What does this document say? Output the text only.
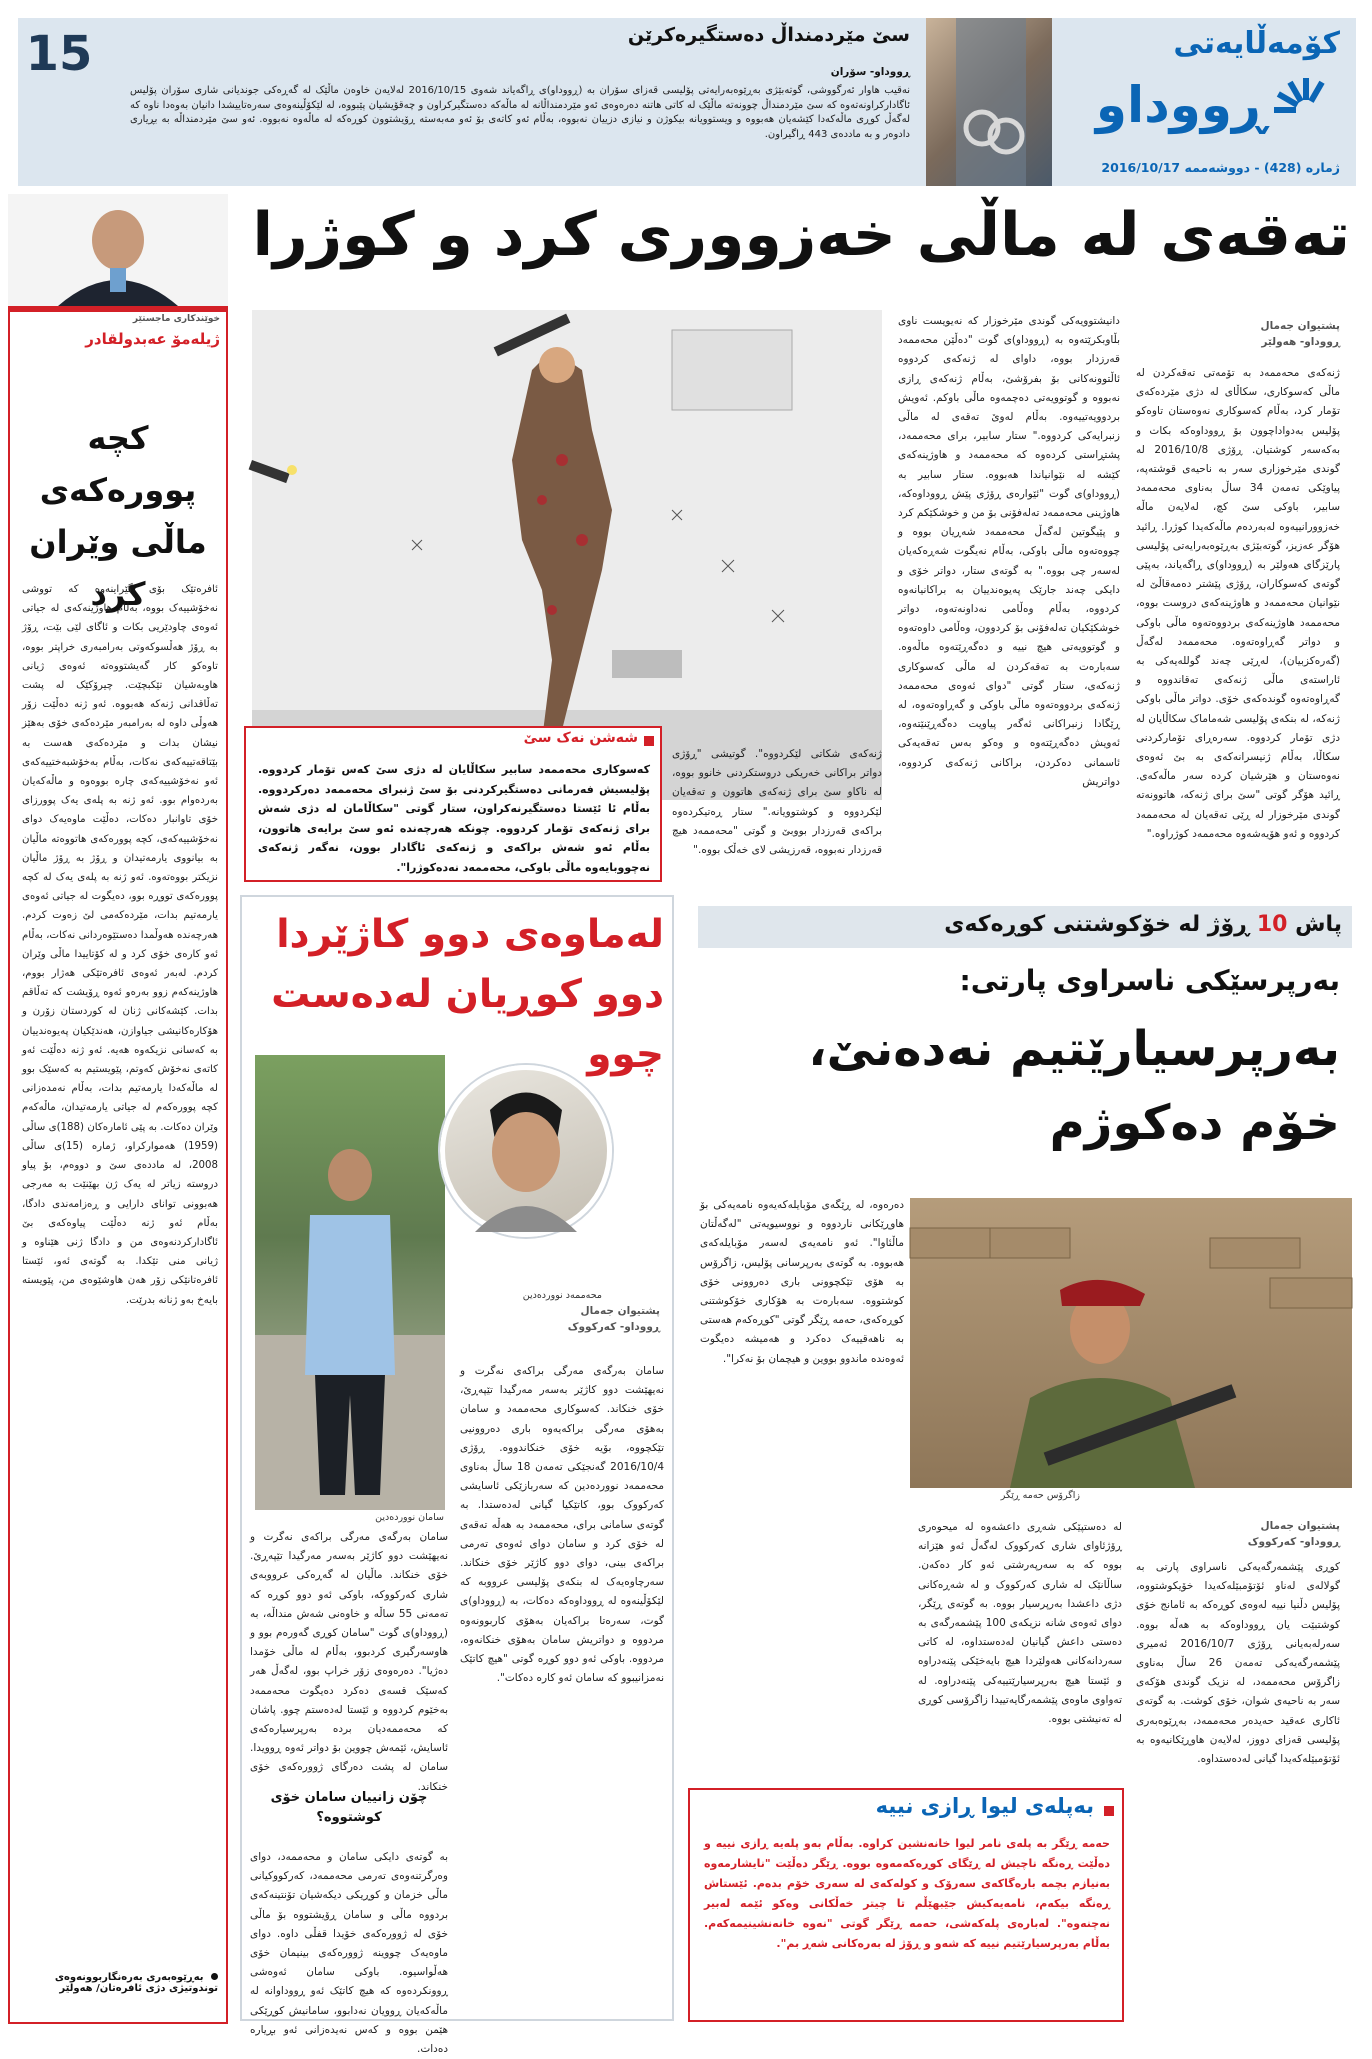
15	کۆمەڵایەتی
ڕووداو
ژمارە (428) - دووشەممە 2016/10/17
سێ مێردمنداڵ دەستگیرەکرێن
ڕووداو- سۆران
نەقیب هاوار ئەرگووشی، گوتەبێژی بەڕێوەبەرایەتی پۆلیسی قەزای سۆران بە (ڕووداو)ی ڕاگەیاند شەوی 2016/10/15 لەلایەن خاوەن ماڵێک لە گەڕەکی جوندیانی شاری سۆران پۆلیس ئاگادارکراونەتەوە کە سێ مێردمنداڵ چوونەتە ماڵێک لە کاتی هاتنە دەرەوەی ئەو مێردمنداڵانە لە ماڵەکە دەستگیرکراون و چەقۆیشیان پێبووە، لە لێکۆڵینەوەی سەرەتاییشدا دانیان بەوەدا ناوە کە لەگەڵ کوڕی ماڵەکەدا کێشەیان هەبووە و ویستوویانە بیکوژن و نیازی دزییان نەبووە، بەڵام ئەو کاتەی بۆ ئەو مەبەستە ڕۆیشتوون کوڕەکە لە ماڵەوە نەبووە. ئەو سێ مێردمنداڵە بە بڕیاری دادوەر و بە ماددەی 443 ڕاگیراون.
تەقەی لە ماڵی خەزووری کرد و کوژرا
پشتیوان جەمال
ڕووداو- هەولێر
ژنەکەی محەممەد بە تۆمەتی تەقەکردن لە ماڵی کەسوکاری، سکاڵای لە دژی مێردەکەی تۆمار کرد، بەڵام کەسوکاری نەوەستان تاوەکو پۆلیس بەدواداچوون بۆ ڕووداوەکە بکات و بەکەسەر کوشتیان. ڕۆژی 2016/10/8 لە گوندی مێرخوزاری سەر بە ناحیەی قوشتەپە، پیاوێکی تەمەن 34 ساڵ بەناوی محەممەد سابیر، باوکی سێ کچ، لەلایەن ماڵە خەزوورانییەوە لەبەردەم ماڵەکەیدا کوژرا. ڕائید هۆگر عەزیز، گوتەبێژی بەڕێوەبەرایەتی پۆلیسی پارێزگای هەولێر بە (ڕووداو)ی ڕاگەیاند، بەپێی گوتەی کەسوکاران، ڕۆژی پێشتر دەمەقاڵێ لە نێوانیان محەممەد و هاوژینەکەی دروست بووە، محەممەد هاوژینەکەی بردووەتەوە ماڵی باوکی و دواتر گەڕاوەتەوە. محەممەد لەگەڵ (گەرەکزبیان)، لەڕێی چەند گوللەیەکی بە ئاراستەی ماڵی ژنەکەی تەقاندووە و گەڕاوەتەوە گوندەکەی خۆی. دواتر ماڵی باوکی ژنەکە، لە بنکەی پۆلیسی شەماماک سکاڵایان لە دژی تۆمار کردووە. سەرەڕای تۆمارکردنی سکاڵا، بەڵام ژنیسرانەکەی بە بێ ئەوەی نەوەستان و هێرشیان کردە سەر ماڵەکەی. ڕائید هۆگر گوتی "سێ برای ژنەکە، هاتوونەتە گوندی مێرخوزار لە ڕێی تەقەیان لە محەممەد کردووە و ئەو هۆیەشەوە محەممەد کوژراوە."
دانیشتوویەکی گوندی مێرخوزار کە نەیویست ناوی بڵاوبکرێتەوە بە (ڕووداو)ی گوت "دەڵێن محەممەد قەرزدار بووە، داوای لە ژنەکەی کردووە ئاڵتوونەکانی بۆ بفرۆشێ، بەڵام ژنەکەی ڕازی نەبووە و گوتوویەتی دەچمەوە ماڵی باوکم. ئەویش بردوویەتییەوە. بەڵام لەوێ تەقەی لە ماڵی زنبرایەکی کردووە." ستار سابیر، برای محەممەد، پشتڕاستی کردەوە کە محەممەد و هاوژینەکەی کێشە لە نێوانیاندا هەبووە. ستار سابیر بە (ڕووداو)ی گوت "ئێوارەی ڕۆژی پێش ڕووداوەکە، هاوژینی محەممەد تەلەفۆنی بۆ من و خوشکێکم کرد و پێیگوتین لەگەڵ محەممەد شەڕیان بووە و چووەتەوە ماڵی باوکی، بەڵام نەیگوت شەڕەکەیان لەسەر چی بووە." بە گوتەی ستار، دواتر خۆی و دایکی چەند جارێک پەیوەندییان بە براکانیانەوە کردووە، بەڵام وەڵامی نەداونەتەوە، دواتر خوشکێکیان تەلەفۆنی بۆ کردوون، وەڵامی داوەتەوە و گوتوویەتی هیچ نییە و دەگەڕێتەوە ماڵەوە. سەبارەت بە تەقەکردن لە ماڵی کەسوکاری ژنەکەی، ستار گوتی "دوای ئەوەی محەممەد ژنەکەی بردووەتەوە ماڵی باوکی و گەڕاوەتەوە، لە ڕێگادا زنبراکانی ئەگەر پیاویت دەگەڕێنێتەوە، ئەویش دەگەڕێتەوە و وەکو بەس تەقەیەکی ئاسمانی دەکردن، براکانی ژنەکەی کردووە، دواتریش
ژنەکەی شکاتی لێکردووە". گوتیشی "ڕۆژی دواتر براکانی خەریکی دروستکردنی خانوو بووە، لە ناکاو سێ برای ژنەکەی هاتوون و تەقەیان لێکردووە و کوشتوویانە." ستار ڕەتیکردەوە براکەی قەرزدار بووبێ و گوتی "محەممەد هیچ قەرزدار نەبووە، قەرزیشی لای خەڵک بووە."
شەشن نەک سێ
کەسوکاری محەممەد سابیر سکاڵایان لە دژی سێ کەس تۆمار کردووە. پۆلیسیش فەرمانی دەستگیرکردنی بۆ سێ ژنبرای محەممەد دەرکردووە. بەڵام ئا ئێستا دەستگیرنەکراون، ستار گوتی "سکاڵامان لە دژی شەش برای ژنەکەی تۆمار کردووە. چونکە هەرچەندە ئەو سێ برایەی هاتوون، بەڵام ئەو شەش براکەی و ژنەکەی ئاگادار بوون، نەگەر ژنەکەی نەچووبایەوە ماڵی باوکی، محەممەد نەدەکوژرا".
خوێندکاری ماجستێر
ژیلەمۆ عەبدولقادر
کچە پوورەکەی ماڵی وێران کرد
ئافرەتێک بۆی گێراینەوە کە تووشی نەخۆشییەک بووە، بەڵام هاوژینەکەی لە جیاتی ئەوەی چاودێریی بکات و ئاگای لێی بێت، ڕۆژ بە ڕۆژ هەڵسوکەوتی بەرامبەری خراپتر بووە، تاوەکو کار گەیشتووەتە ئەوەی ژیانی هاوبەشیان تێکبچێت. چیرۆکێک لە پشت تەڵاقدانی ژنەکە هەبووە. ئەو ژنە دەڵێت زۆر هەوڵی داوە لە بەرامبەر مێردەکەی خۆی بەهێز نیشان بدات و مێردەکەی هەست بە بێتاقەتییەکەی نەکات، بەڵام بەخۆشبەختییەکەی ئەو نەخۆشییەکەی چارە بووەوە و ماڵەکەیان بەردەوام بوو. ئەو ژنە بە پلەی یەک پوورزای خۆی تاوانبار دەکات، دەڵێت ماوەیەک دوای نەخۆشییەکەی، کچە پوورەکەی هاتووەتە ماڵیان بە بیانووی یارمەتیدان و ڕۆژ بە ڕۆژ ماڵیان نزیکتر بووەتەوە. ئەو ژنە بە پلەی یەک لە کچە پوورەکەی تووڕە بوو، دەیگوت لە جیاتی ئەوەی یارمەتیم بدات، مێردەکەمی لێ زەوت کردم. هەرچەندە هەوڵمدا دەستێوەردانی نەکات، بەڵام ئەو کارەی خۆی کرد و لە کۆتاییدا ماڵی وێران کردم. لەبەر ئەوەی ئافرەتێکی هەژار بووم، هاوژینەکەم زوو بەرەو ئەوە ڕۆیشت کە تەڵاقم بدات. کێشەکانی ژنان لە کوردستان زۆرن و هۆکارەکانیشی جیاوازن، هەندێکیان پەیوەندییان بە کەسانی نزیکەوە هەیە. ئەو ژنە دەڵێت ئەو کاتەی نەخۆش کەوتم، پێویستیم بە کەسێک بوو لە ماڵەکەدا یارمەتیم بدات، بەڵام نەمدەزانی کچە پوورەکەم لە جیاتی یارمەتیدان، ماڵەکەم وێران دەکات. بە پێی ئامارەکان (188)ی ساڵی (1959) هەموارکراو، ژمارە (15)ی ساڵی 2008، لە ماددەی سێ و دووەم، بۆ پیاو دروستە زیاتر لە یەک ژن بهێنێت بە مەرجی هەبوونی توانای دارایی و ڕەزامەندی دادگا، بەڵام ئەو ژنە دەڵێت پیاوەکەی بێ ئاگادارکردنەوەی من و دادگا ژنی هێناوە و ژیانی منی تێکدا. بە گوتەی ئەو، ئێستا ئافرەتانێکی زۆر هەن هاوشێوەی من، پێویستە بایەخ بەو ژنانە بدرێت.
بەڕێوەبەری بەرەنگاربوونەوەی توندوتیژی دژی ئافرەتان/ هەولێر
لەماوەی دوو کاژێردا دوو کوڕیان لەدەست چوو
سامان نووردەدین
محەممەد نووردەدین
پشتیوان جەمال
ڕووداو- کەرکووک
سامان بەرگەی مەرگی براکەی نەگرت و نەیهێشت دوو کاژێر بەسەر مەرگیدا تێپەڕێ، خۆی خنکاند. کەسوکاری محەممەد و سامان بەهۆی مەرگی براکەیەوە باری دەروونیی تێکچووە، بۆیە خۆی خنکاندووە. ڕۆژی 2016/10/4 گەنجێکی تەمەن 18 ساڵ بەناوی محەممەد نووردەدین کە سەربازێکی ئاسایشی کەرکووک بوو، کاتێکیا گیانی لەدەستدا. بە گوتەی سامانی برای، محەممەد بە هەڵە تەقەی لە خۆی کرد و سامان دوای ئەوەی تەرمی براکەی بینی، دوای دوو کاژێر خۆی خنکاند. سەرچاوەیەک لە بنکەی پۆلیسی عرووبە کە لێکۆڵینەوە لە ڕووداوەکە دەکات، بە (ڕووداو)ی گوت، سەرەتا براکەیان بەهۆی کاربوونەوە مردووە و دواتریش سامان بەهۆی خنکانەوە، مردووە. باوکی ئەو دوو کوڕە گوتی "هیچ کاتێک نەمزانیبوو کە سامان ئەو کارە دەکات".
سامان بەرگەی مەرگی براکەی نەگرت و نەیهێشت دوو کاژێر بەسەر مەرگیدا تێپەڕێ. خۆی خنکاند. ماڵیان لە گەڕەکی عرووبەی شاری کەرکووکە، باوکی ئەو دوو کوڕە کە تەمەنی 55 ساڵە و خاوەنی شەش منداڵە، بە (ڕووداو)ی گوت "سامان کوڕی گەورەم بوو و هاوسەرگیری کردبوو، بەڵام لە ماڵی خۆمدا دەژیا". دەرەوەی زۆر خراپ بوو، لەگەڵ هەر کەسێک قسەی دەکرد دەیگوت محەممەد بەخێوم کردووە و ئێستا لەدەستم چوو. پاشان کە محەممەدیان بردە بەرپرسیارەکەی ئاسایش، ئێمەش چووین بۆ دواتر ئەوە ڕوویدا. سامان لە پشت دەرگای ژوورەکەی خۆی خنکاند.
چۆن زانییان سامان خۆی کوشتووە؟
بە گوتەی دایکی سامان و محەممەد، دوای وەرگرتنەوەی تەرمی محەممەد، کەرکووکیانی ماڵی خزمان و کوڕیکی دیکەشیان تۆنتینەکەی بردووە ماڵی و سامان ڕۆیشتووە بۆ ماڵی خۆی لە ژوورەکەی خۆیدا قفڵی داوە. دوای ماوەیەک چووینە ژوورەکەی بینیمان خۆی هەڵواسیوە. باوکی سامان ئەوەشی ڕوونکردەوە کە هیچ کاتێک ئەو ڕووداوانە لە ماڵەکەیان ڕوویان نەدابوو، سامانیش کوڕێکی هێمن بووە و کەس نەیدەزانی ئەو بڕیارە دەدات.
پاش 10 ڕۆژ لە خۆکوشتنی کوڕەکەی
بەرپرسێکی ناسراوی پارتی:
بەرپرسیارێتیم نەدەنێ، خۆم دەکوژم
زاگرۆس حەمە ڕێگر
دەرەوە، لە ڕێگەی مۆبایلەکەیەوە نامەیەکی بۆ هاوڕێکانی ناردووە و نووسیویەتی "لەگەڵتان ماڵئاوا". ئەو نامەیەی لەسەر مۆبایلەکەی هەبووە. بە گوتەی بەرپرسانی پۆلیس، زاگرۆس بە هۆی تێکچوونی باری دەروونی خۆی کوشتووە. سەبارەت بە هۆکاری خۆکوشتنی کوڕەکەی، حەمە ڕێگر گوتی "کوڕەکەم هەستی بە ناهەقییەک دەکرد و هەمیشە دەیگوت ئەوەندە ماندوو بووین و هیچمان بۆ نەکرا".
پشتیوان جەمال
ڕووداو- کەرکووک
کوڕی پێشمەرگەیەکی ناسراوی پارتی بە گولالەی لەناو ئۆتۆمبێلەکەیدا خۆیکوشتووە، پۆلیس دڵنیا نییە لەوەی کوڕەکە بە ئامانج خۆی کوشتبێت یان ڕووداوەکە بە هەڵە بووە. سەرلەبەیانی ڕۆژی 2016/10/7 ئەمیری پێشمەرگەیەکی تەمەن 26 ساڵ بەناوی زاگرۆس محەممەد، لە نزیک گوندی هۆکەی سەر بە ناحیەی شوان، خۆی کوشت. بە گوتەی ئاکاری عەقید حەیدەر محەممەد، بەڕێوەبەری پۆلیسی قەزای دووز، لەلایەن هاوڕێکانیەوە بە ئۆتۆمبێلەکەیدا گیانی لەدەستداوە.
لە دەستپێکی شەڕی داعشەوە لە میحوەری ڕۆژئاوای شاری کەرکووک لەگەڵ ئەو هێزانە بووە کە بە سەرپەرشتی ئەو کار دەکەن. ساڵانێک لە شاری کەرکووک و لە شەڕەکانی دژی داعشدا بەرپرسیار بووە. بە گوتەی ڕێگر، دوای ئەوەی شانە نزیکەی 100 پێشمەرگەی بە دەستی داعش گیانیان لەدەستداوە، لە کاتی سەردانەکانی هەولێردا هیچ بایەخێکی پێنەدراوە و ئێستا هیچ بەرپرسیارێتییەکی پێنەدراوە. لە تەواوی ماوەی پێشمەرگایەتییدا زاگرۆسی کوڕی لە تەنیشتی بووە.
بەپلەی لیوا ڕازی نییە
حەمە ڕێگر بە پلەی نامر لیوا خانەنشین کراوە. بەڵام بەو پلەیە ڕازی نییە و دەڵێت ڕەنگە ناچیش لە ڕێگای کوڕەکەمەوە بووە. ڕێگر دەڵێت "نایشارمەوە بەنیازم بچمە بارەگاکەی سەرۆک و کولەکەی لە سەری خۆم بدەم. ئێستاش ڕەنگە بیکەم، نامەیەکیش جێبهێڵم تا چیتر خەڵکانی وەکو ئێمە لەبیر نەچنەوە". لەبارەی پلەکەشی، حەمە ڕێگر گوتی "نەوە خانەنشینیمەکەم. بەڵام بەرپرسیارێتیم نییە کە شەو و ڕۆژ لە بەرەکانی شەڕ بم".
